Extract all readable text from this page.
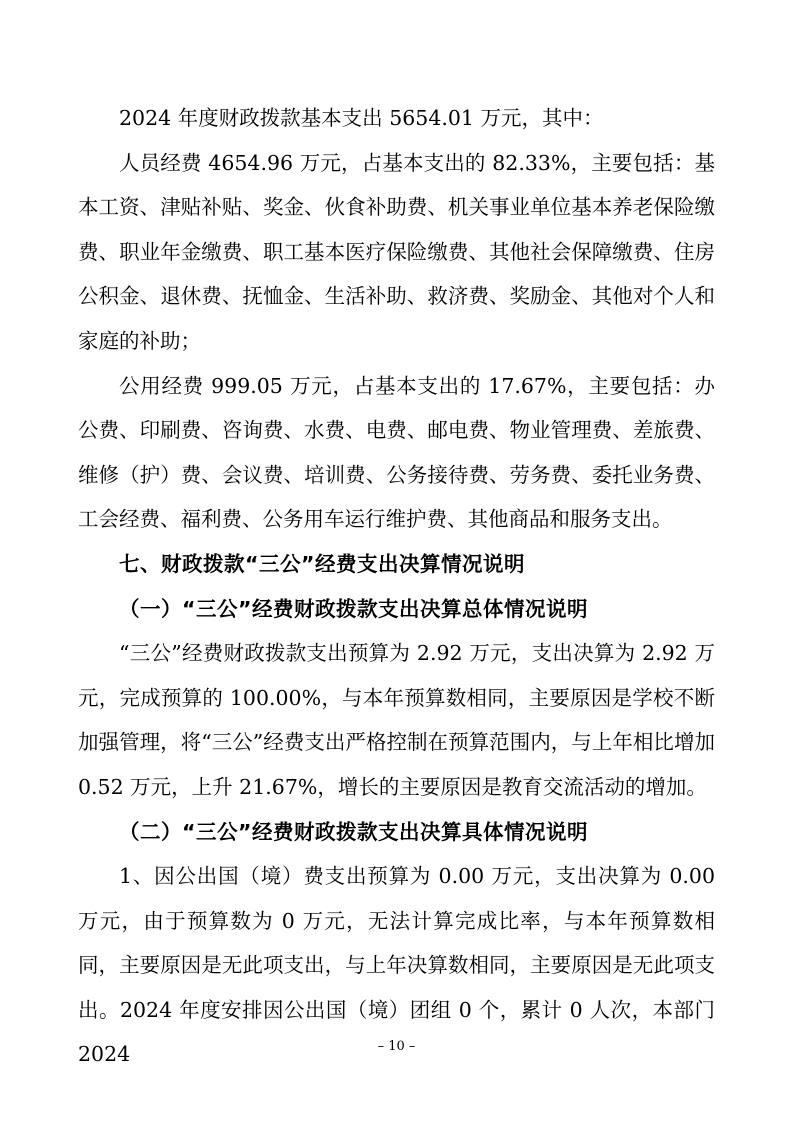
2024 年度财政拨款基本支出 5654.01 万元，其中：

人员经费 4654.96 万元，占基本支出的 82.33%，主要包括：基本工资、津贴补贴、奖金、伙食补助费、机关事业单位基本养老保险缴费、职业年金缴费、职工基本医疗保险缴费、其他社会保障缴费、住房公积金、退休费、抚恤金、生活补助、救济费、奖励金、其他对个人和家庭的补助；

公用经费 999.05 万元，占基本支出的 17.67%，主要包括：办公费、印刷费、咨询费、水费、电费、邮电费、物业管理费、差旅费、维修（护）费、会议费、培训费、公务接待费、劳务费、委托业务费、工会经费、福利费、公务用车运行维护费、其他商品和服务支出。

七、财政拨款“三公”经费支出决算情况说明

（一）“三公”经费财政拨款支出决算总体情况说明

“三公”经费财政拨款支出预算为 2.92 万元，支出决算为 2.92 万元，完成预算的 100.00%，与本年预算数相同，主要原因是学校不断加强管理，将“三公”经费支出严格控制在预算范围内，与上年相比增加 0.52 万元，上升 21.67%，增长的主要原因是教育交流活动的增加。

（二）“三公”经费财政拨款支出决算具体情况说明

1、因公出国（境）费支出预算为 0.00 万元，支出决算为 0.00 万元，由于预算数为 0 万元，无法计算完成比率，与本年预算数相同，主要原因是无此项支出，与上年决算数相同，主要原因是无此项支出。2024 年度安排因公出国（境）团组 0 个，累计 0 人次，本部门 2024	– 10 –
